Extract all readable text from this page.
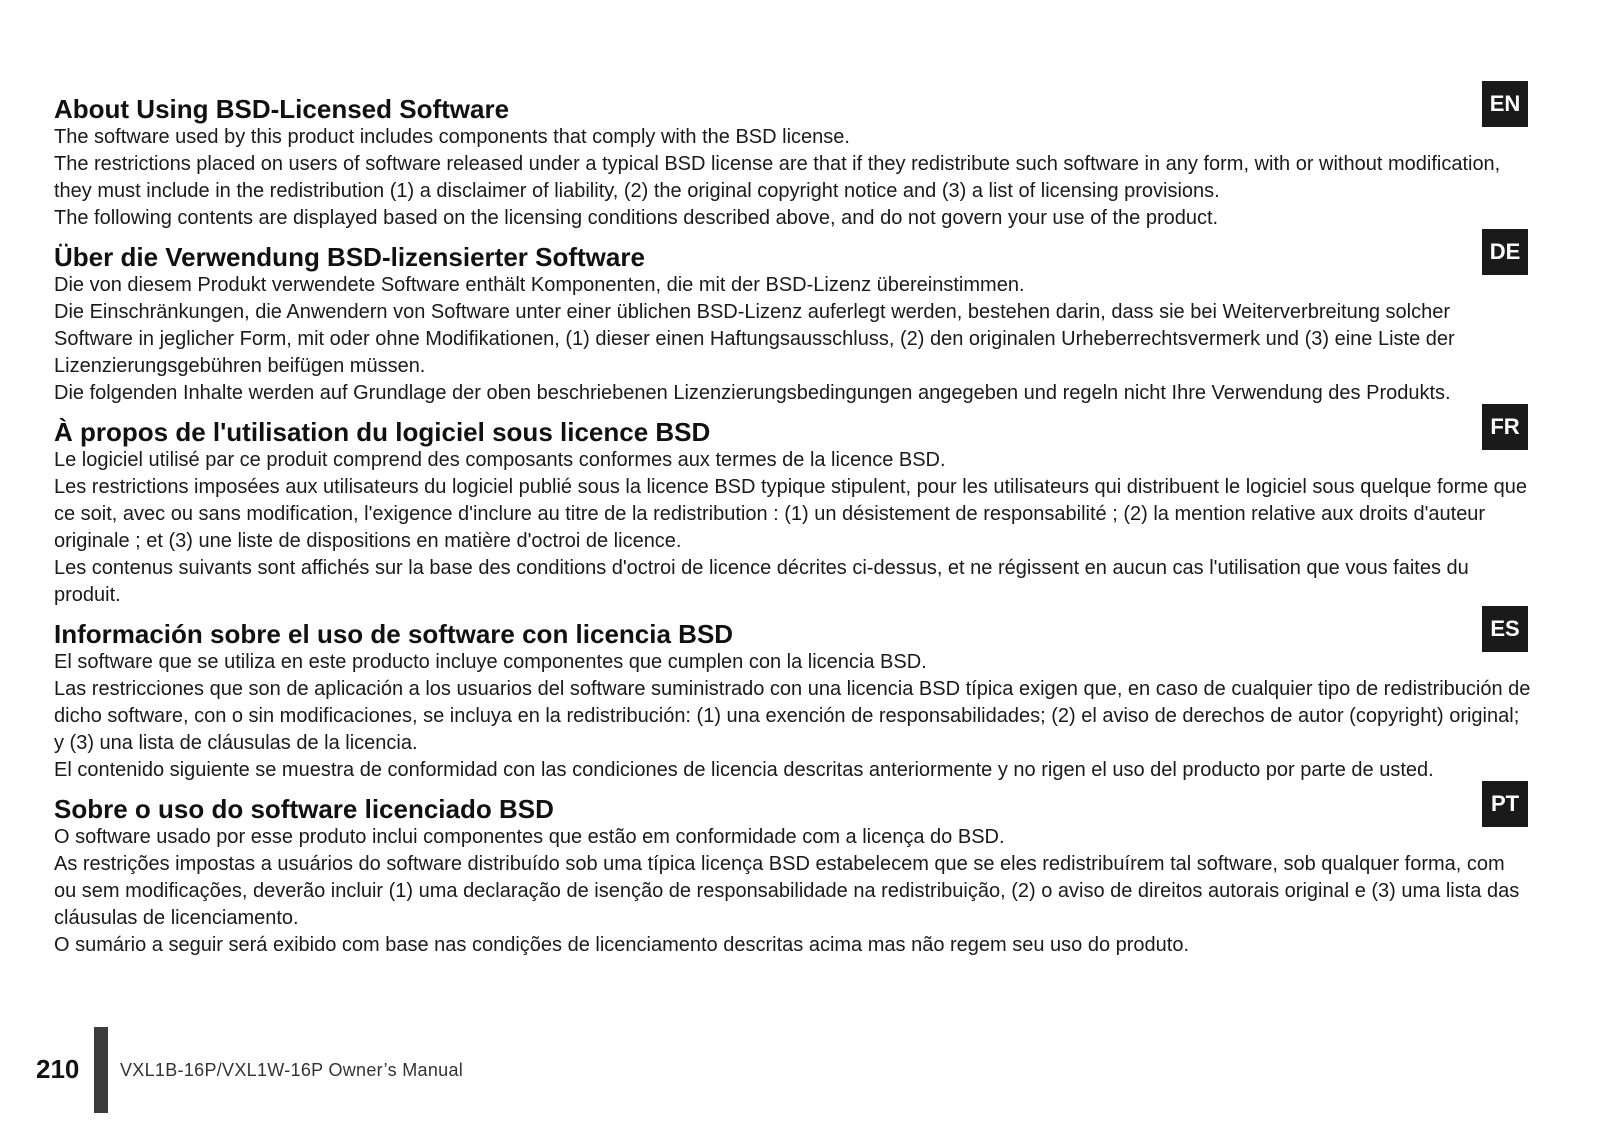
EN
About Using BSD-Licensed Software

The software used by this product includes components that comply with the BSD license.

The restrictions placed on users of software released under a typical BSD license are that if they redistribute such software in any form, with or without modification, they must include in the redistribution (1) a disclaimer of liability, (2) the original copyright notice and (3) a list of licensing provisions.

The following contents are displayed based on the licensing conditions described above, and do not govern your use of the product.

DE
Über die Verwendung BSD-lizensierter Software

Die von diesem Produkt verwendete Software enthält Komponenten, die mit der BSD-Lizenz übereinstimmen.

Die Einschränkungen, die Anwendern von Software unter einer üblichen BSD-Lizenz auferlegt werden, bestehen darin, dass sie bei Weiterverbreitung solcher Software in jeglicher Form, mit oder ohne Modifikationen, (1) dieser einen Haftungsausschluss, (2) den originalen Urheberrechtsvermerk und (3) eine Liste der Lizenzierungsgebühren beifügen müssen.

Die folgenden Inhalte werden auf Grundlage der oben beschriebenen Lizenzierungsbedingungen angegeben und regeln nicht Ihre Verwendung des Produkts.

FR
À propos de l'utilisation du logiciel sous licence BSD

Le logiciel utilisé par ce produit comprend des composants conformes aux termes de la licence BSD.

Les restrictions imposées aux utilisateurs du logiciel publié sous la licence BSD typique stipulent, pour les utilisateurs qui distribuent le logiciel sous quelque forme que ce soit, avec ou sans modification, l'exigence d'inclure au titre de la redistribution : (1) un désistement de responsabilité ; (2) la mention relative aux droits d'auteur originale ; et (3) une liste de dispositions en matière d'octroi de licence.

Les contenus suivants sont affichés sur la base des conditions d'octroi de licence décrites ci-dessus, et ne régissent en aucun cas l'utilisation que vous faites du produit.

ES
Información sobre el uso de software con licencia BSD

El software que se utiliza en este producto incluye componentes que cumplen con la licencia BSD.

Las restricciones que son de aplicación a los usuarios del software suministrado con una licencia BSD típica exigen que, en caso de cualquier tipo de redistribución de dicho software, con o sin modificaciones, se incluya en la redistribución: (1) una exención de responsabilidades; (2) el aviso de derechos de autor (copyright) original; y (3) una lista de cláusulas de la licencia.

El contenido siguiente se muestra de conformidad con las condiciones de licencia descritas anteriormente y no rigen el uso del producto por parte de usted.

PT
Sobre o uso do software licenciado BSD

O software usado por esse produto inclui componentes que estão em conformidade com a licença do BSD.

As restrições impostas a usuários do software distribuído sob uma típica licença BSD estabelecem que se eles redistribuírem tal software, sob qualquer forma, com ou sem modificações, deverão incluir (1) uma declaração de isenção de responsabilidade na redistribuição, (2) o aviso de direitos autorais original e (3) uma lista das cláusulas de licenciamento.

O sumário a seguir será exibido com base nas condições de licenciamento descritas acima mas não regem seu uso do produto.

210 VXL1B-16P/VXL1W-16P Owner’s Manual
